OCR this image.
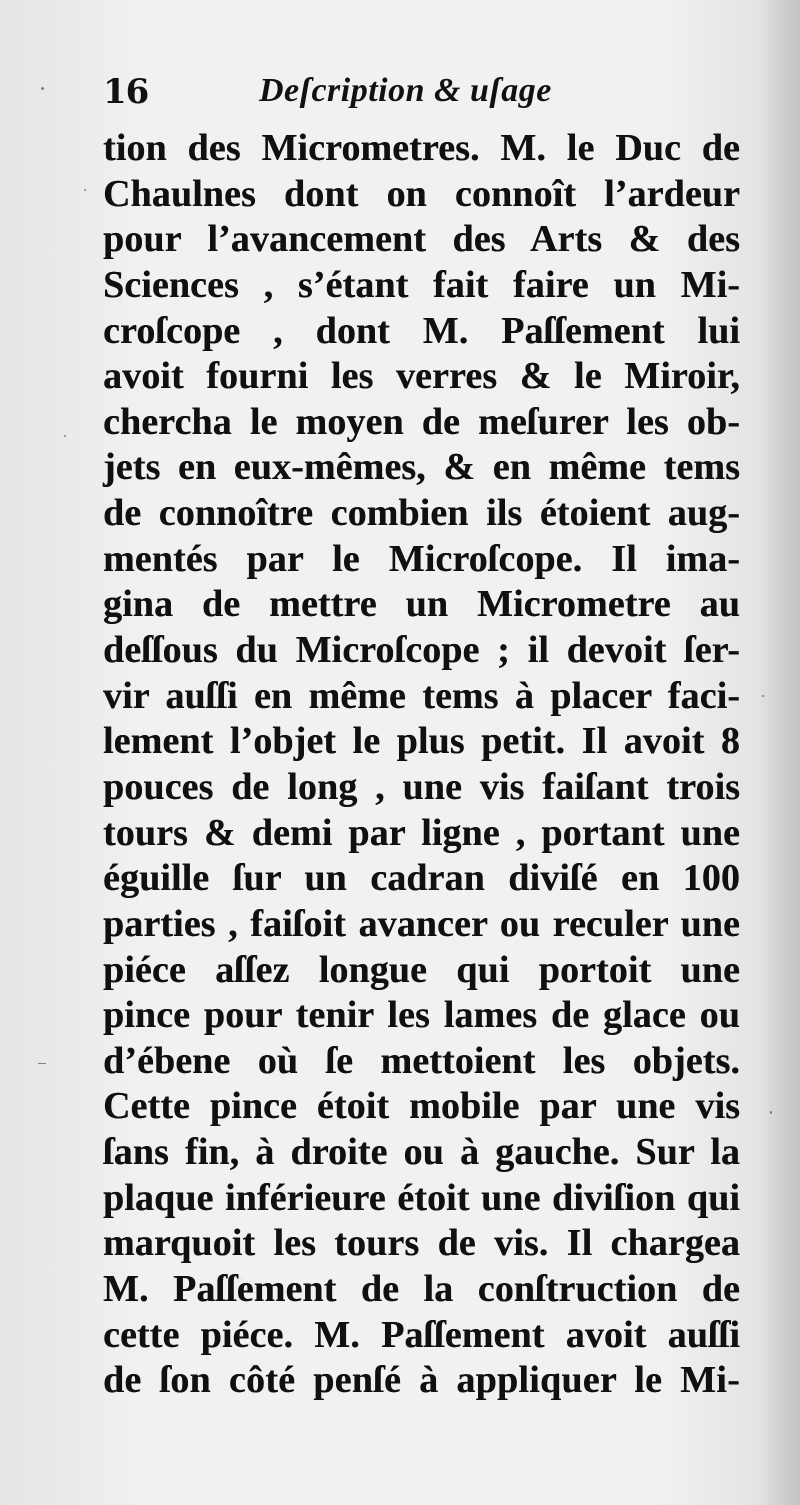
16	Deſcription & uſage
tion des Micrometres. M. le Duc de
Chaulnes dont on connoît l’ardeur
pour l’avancement des Arts & des
Sciences , s’étant fait faire un Mi-
croſcope , dont M. Paſſement lui
avoit fourni les verres & le Miroir,
chercha le moyen de meſurer les ob-
jets en eux-mêmes, & en même tems
de connoître combien ils étoient aug-
mentés par le Microſcope. Il ima-
gina de mettre un Micrometre au
deſſous du Microſcope ; il devoit ſer-
vir auſſi en même tems à placer faci-
lement l’objet le plus petit. Il avoit 8
pouces de long , une vis faiſant trois
tours & demi par ligne , portant une
éguille ſur un cadran diviſé en 100
parties , faiſoit avancer ou reculer une
piéce aſſez longue qui portoit une
pince pour tenir les lames de glace ou
d’ébene où ſe mettoient les objets.
Cette pince étoit mobile par une vis
ſans fin, à droite ou à gauche. Sur la
plaque inférieure étoit une diviſion qui
marquoit les tours de vis. Il chargea
M. Paſſement de la conſtruction de
cette piéce. M. Paſſement avoit auſſi
de ſon côté penſé à appliquer le Mi-
